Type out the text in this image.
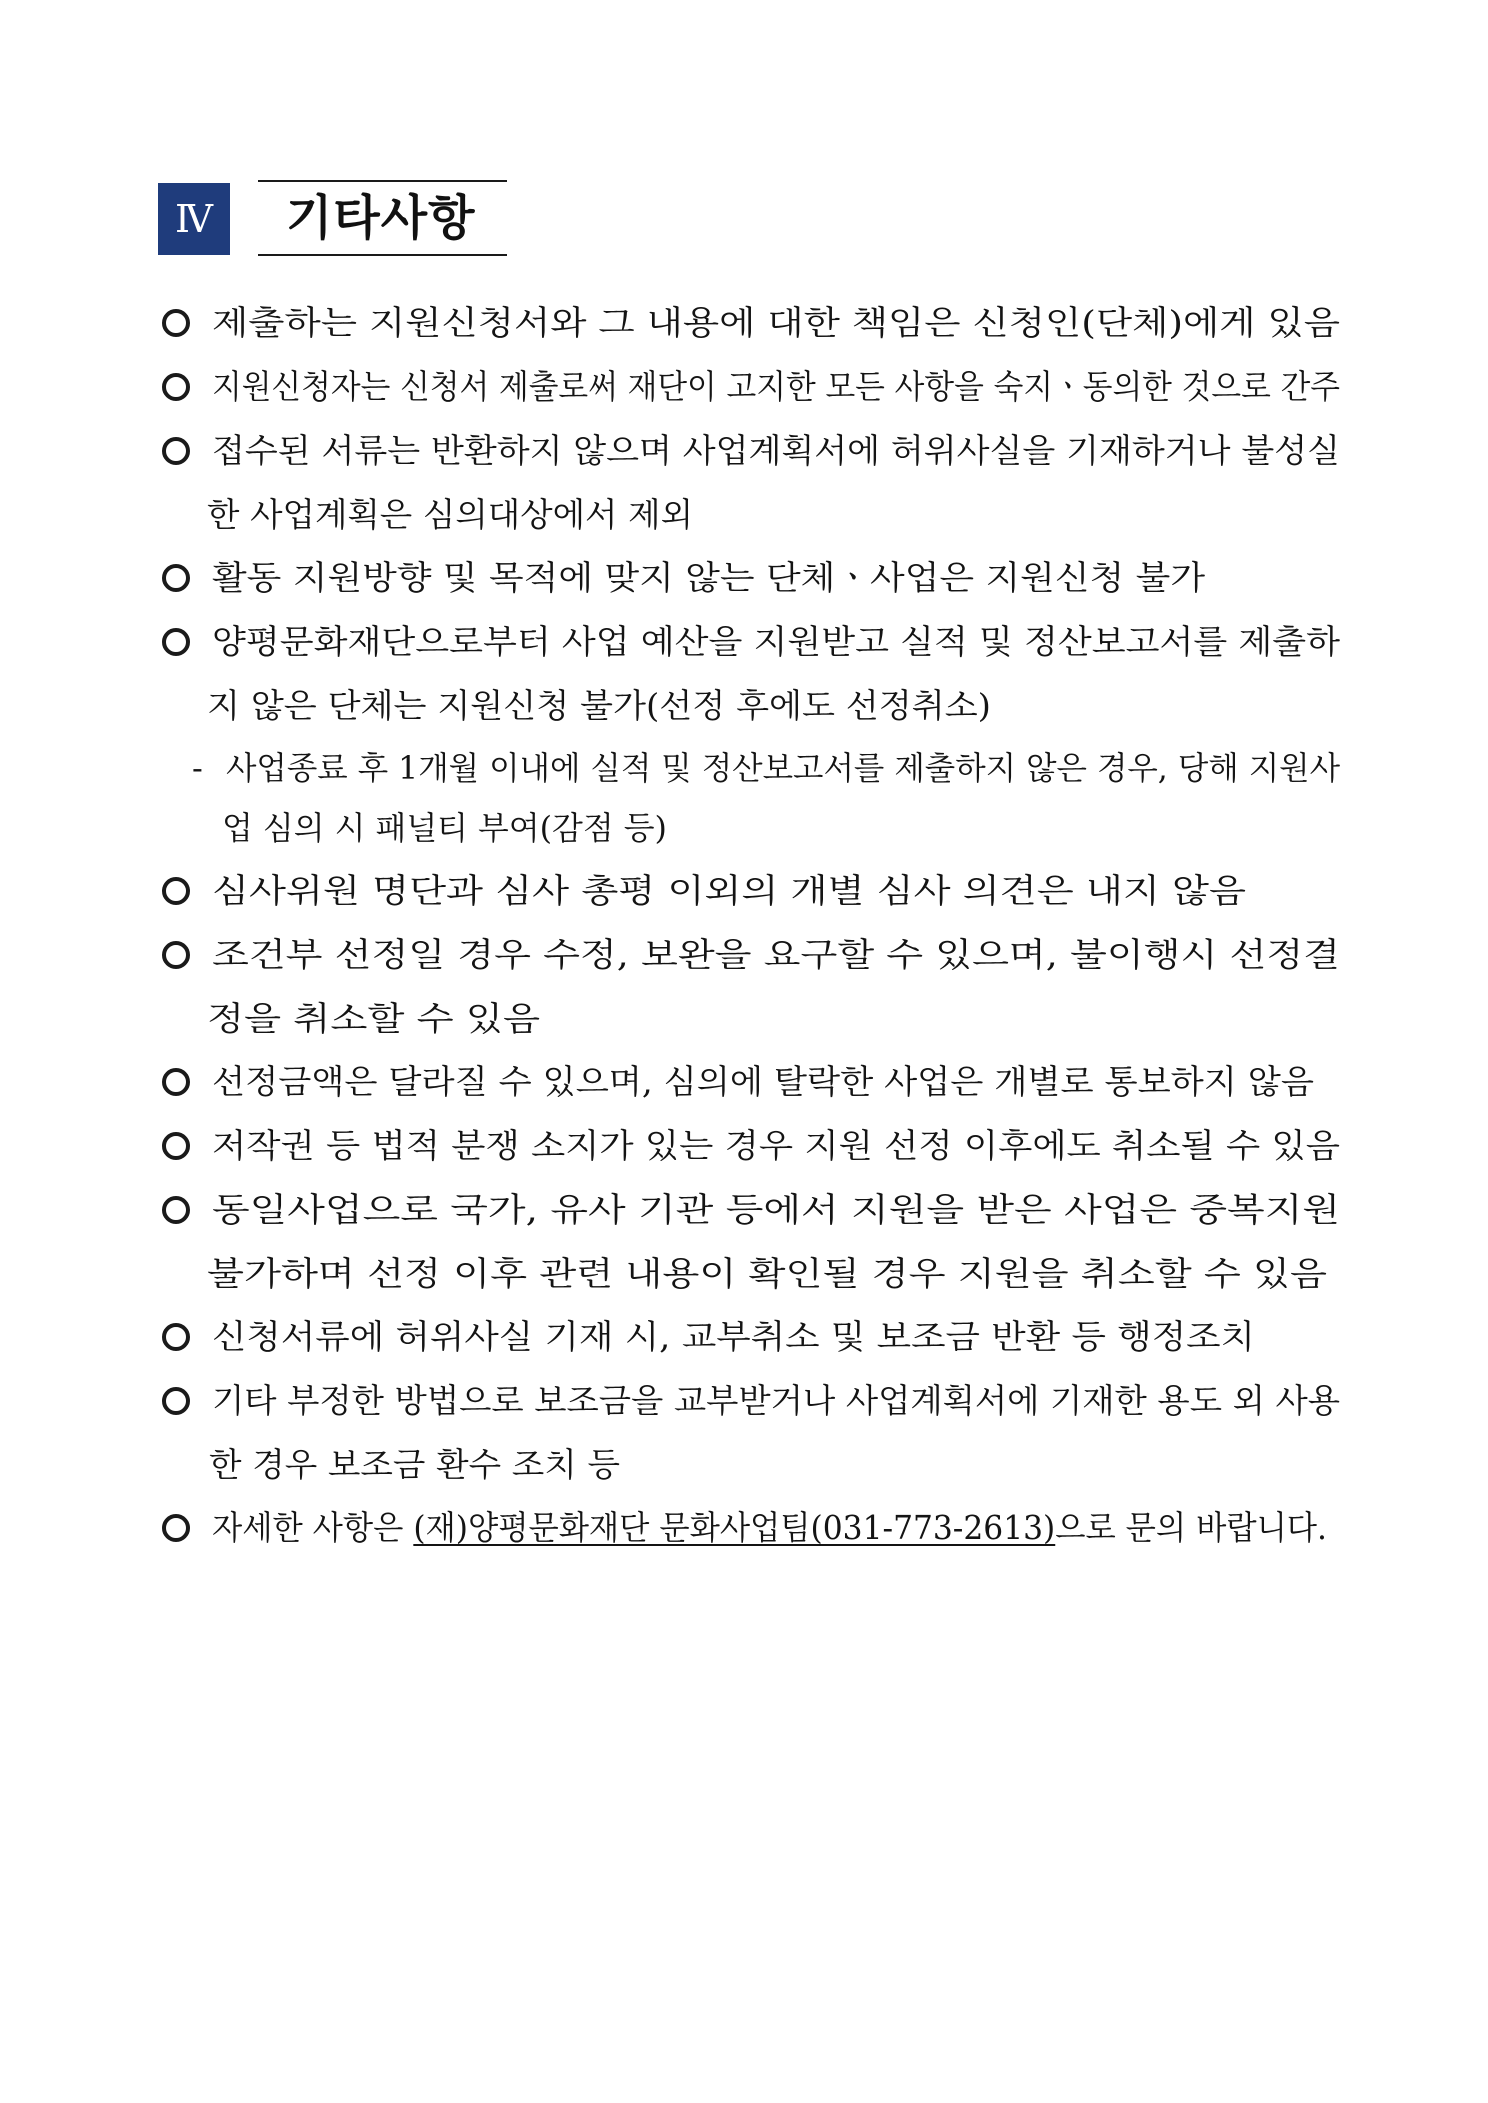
Ⅳ	기타사항
제출하는 지원신청서와 그 내용에 대한 책임은 신청인(단체)에게 있음
지원신청자는 신청서 제출로써 재단이 고지한 모든 사항을 숙지ㆍ동의한 것으로 간주
접수된 서류는 반환하지 않으며 사업계획서에 허위사실을 기재하거나 불성실
한 사업계획은 심의대상에서 제외
활동 지원방향 및 목적에 맞지 않는 단체ㆍ사업은 지원신청 불가
양평문화재단으로부터 사업 예산을 지원받고 실적 및 정산보고서를 제출하
지 않은 단체는 지원신청 불가(선정 후에도 선정취소)
- 사업종료 후 1개월 이내에 실적 및 정산보고서를 제출하지 않은 경우, 당해 지원사
업 심의 시 패널티 부여(감점 등)
심사위원 명단과 심사 총평 이외의 개별 심사 의견은 내지 않음
조건부 선정일 경우 수정, 보완을 요구할 수 있으며, 불이행시 선정결
정을 취소할 수 있음
선정금액은 달라질 수 있으며, 심의에 탈락한 사업은 개별로 통보하지 않음
저작권 등 법적 분쟁 소지가 있는 경우 지원 선정 이후에도 취소될 수 있음
동일사업으로 국가, 유사 기관 등에서 지원을 받은 사업은 중복지원
불가하며 선정 이후 관련 내용이 확인될 경우 지원을 취소할 수 있음
신청서류에 허위사실 기재 시, 교부취소 및 보조금 반환 등 행정조치
기타 부정한 방법으로 보조금을 교부받거나 사업계획서에 기재한 용도 외 사용
한 경우 보조금 환수 조치 등
자세한 사항은 (재)양평문화재단 문화사업팀(031-773-2613)으로 문의 바랍니다.
